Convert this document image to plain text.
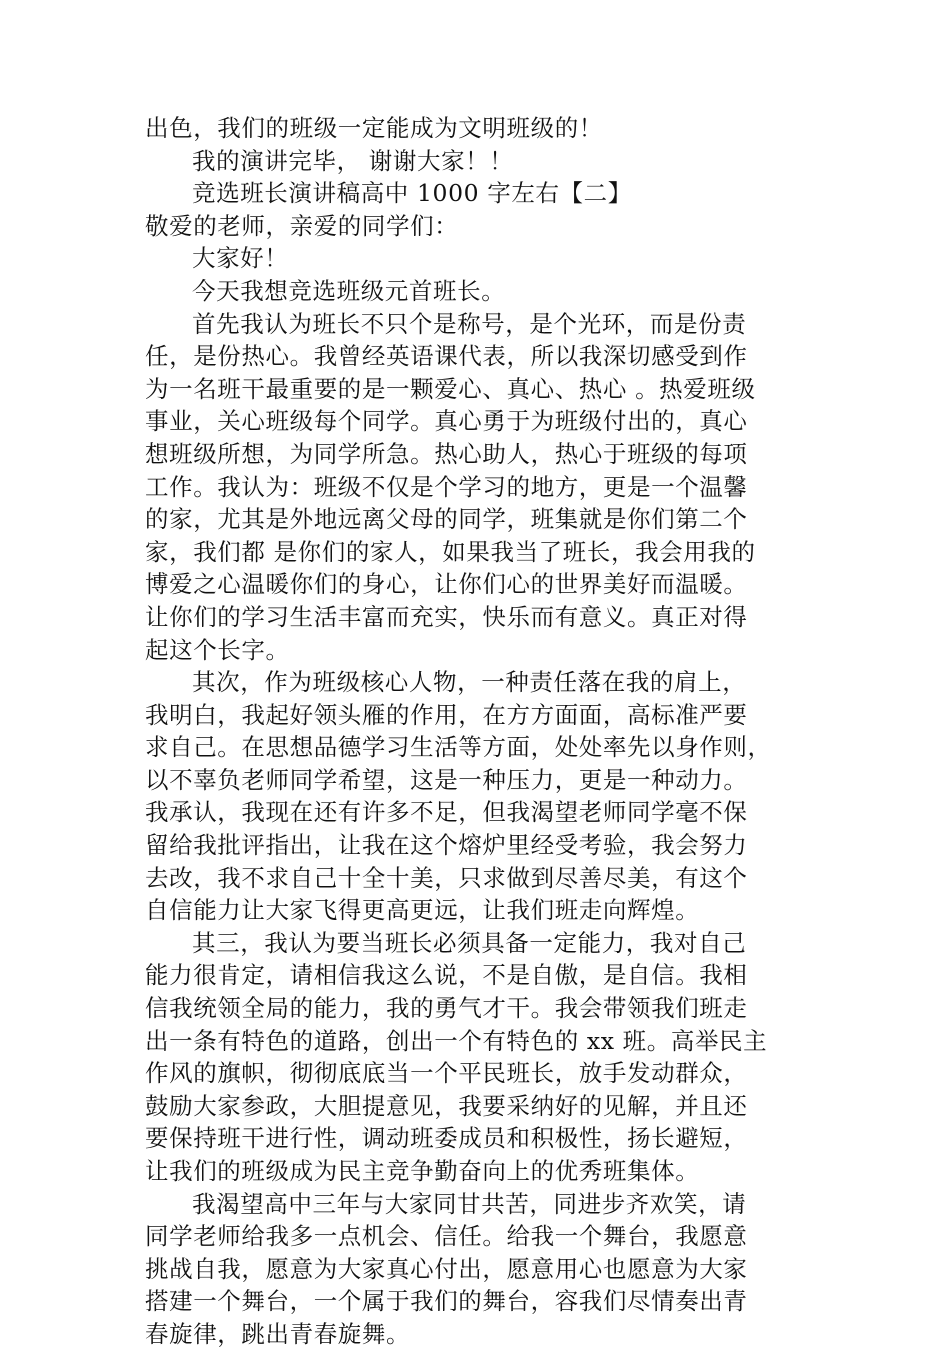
出色，我们的班级一定能成为文明班级的！
我的演讲完毕， 谢谢大家！！
竞选班长演讲稿高中 1000 字左右【二】
敬爱的老师，亲爱的同学们：
大家好！
今天我想竞选班级元首班长。
首先我认为班长不只个是称号，是个光环，而是份责
任，是份热心。我曾经英语课代表，所以我深切感受到作
为一名班干最重要的是一颗爱心、真心、热心 。热爱班级
事业，关心班级每个同学。真心勇于为班级付出的，真心
想班级所想，为同学所急。热心助人，热心于班级的每项
工作。我认为：班级不仅是个学习的地方，更是一个温馨
的家，尤其是外地远离父母的同学，班集就是你们第二个
家，我们都 是你们的家人，如果我当了班长，我会用我的
博爱之心温暖你们的身心，让你们心的世界美好而温暖。
让你们的学习生活丰富而充实，快乐而有意义。真正对得
起这个长字。
其次，作为班级核心人物，一种责任落在我的肩上，
我明白，我起好领头雁的作用，在方方面面，高标准严要
求自己。在思想品德学习生活等方面，处处率先以身作则，
以不辜负老师同学希望，这是一种压力，更是一种动力。
我承认，我现在还有许多不足，但我渴望老师同学毫不保
留给我批评指出，让我在这个熔炉里经受考验，我会努力
去改，我不求自己十全十美，只求做到尽善尽美，有这个
自信能力让大家飞得更高更远，让我们班走向辉煌。
其三，我认为要当班长必须具备一定能力，我对自己
能力很肯定，请相信我这么说，不是自傲，是自信。我相
信我统领全局的能力，我的勇气才干。我会带领我们班走
出一条有特色的道路，创出一个有特色的 xx 班。高举民主
作风的旗帜，彻彻底底当一个平民班长，放手发动群众，
鼓励大家参政，大胆提意见，我要采纳好的见解，并且还
要保持班干进行性，调动班委成员和积极性，扬长避短，
让我们的班级成为民主竞争勤奋向上的优秀班集体。
我渴望高中三年与大家同甘共苦，同进步齐欢笑，请
同学老师给我多一点机会、信任。给我一个舞台，我愿意
挑战自我，愿意为大家真心付出，愿意用心也愿意为大家
搭建一个舞台，一个属于我们的舞台，容我们尽情奏出青
春旋律，跳出青春旋舞。
